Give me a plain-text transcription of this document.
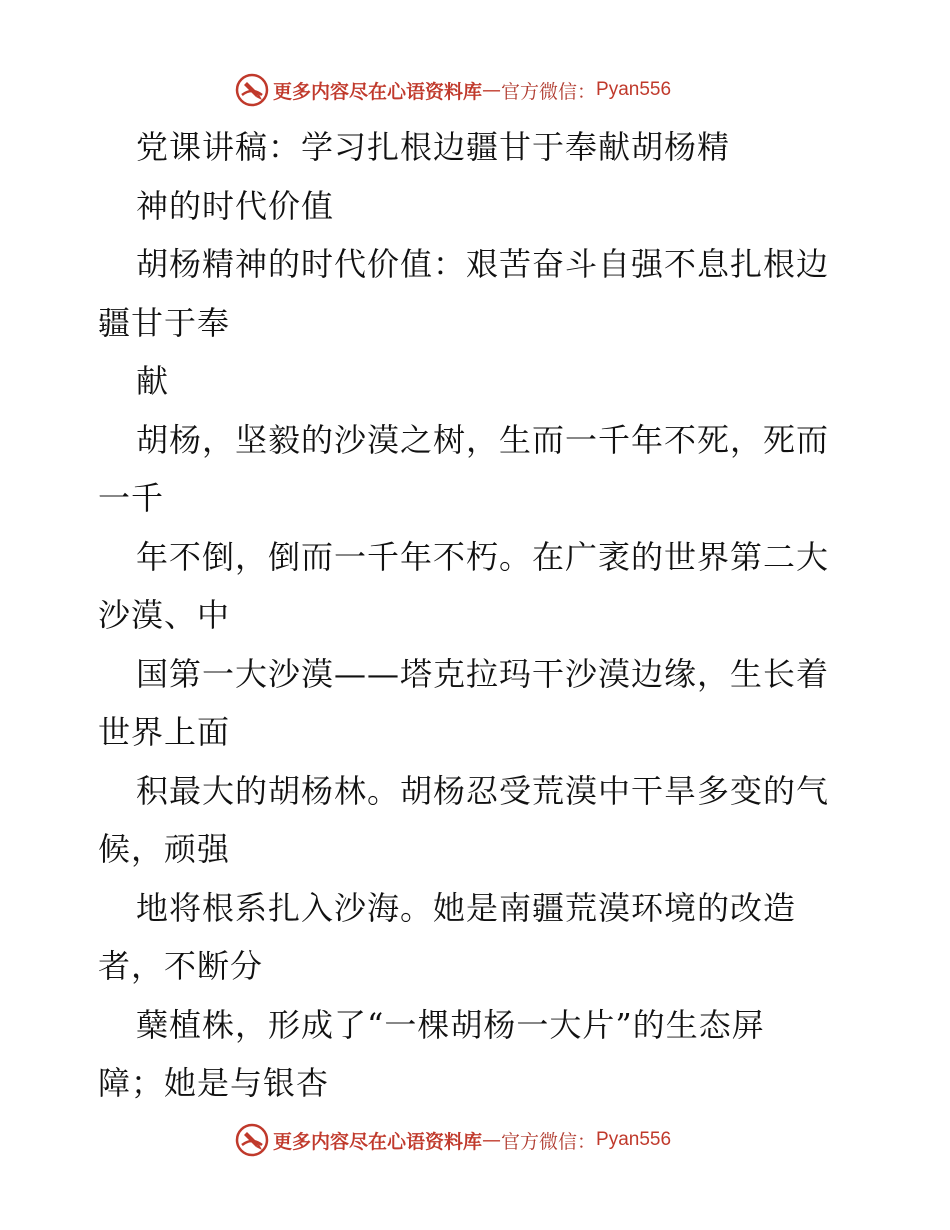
更多内容尽在心语资料库 — 官方微信： Pyan556
党课讲稿：学习扎根边疆甘于奉献胡杨精
神的时代价值
胡杨精神的时代价值：艰苦奋斗自强不息扎根边
疆甘于奉
献
胡杨，坚毅的沙漠之树，生而一千年不死，死而
一千
年不倒，倒而一千年不朽。在广袤的世界第二大
沙漠、中
国第一大沙漠——塔克拉玛干沙漠边缘，生长着
世界上面
积最大的胡杨林。胡杨忍受荒漠中干旱多变的气
候，顽强
地将根系扎入沙海。她是南疆荒漠环境的改造
者，不断分
蘖植株，形成了“一棵胡杨一大片”的生态屏
障；她是与银杏
更多内容尽在心语资料库 — 官方微信： Pyan556
